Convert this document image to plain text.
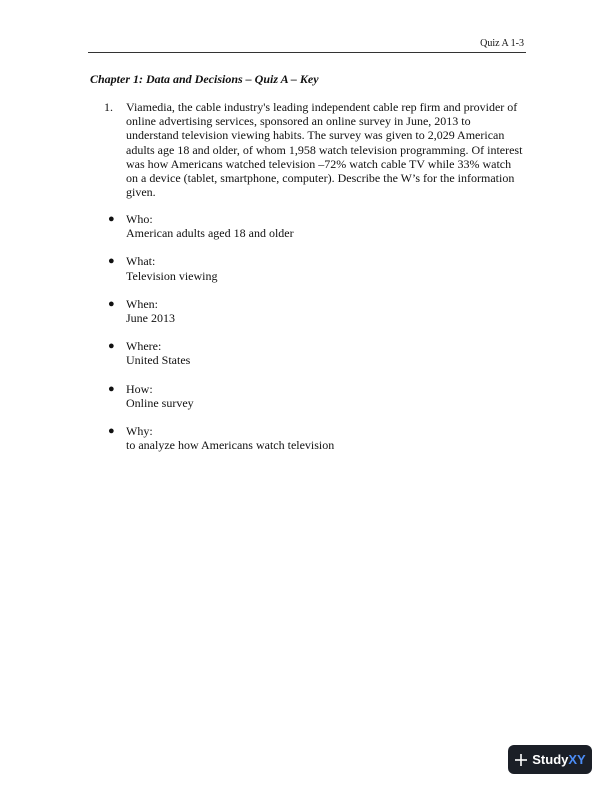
Quiz A 1-3
Chapter 1: Data and Decisions – Quiz A – Key
1. Viamedia, the cable industry's leading independent cable rep firm and provider of online advertising services, sponsored an online survey in June, 2013 to understand television viewing habits. The survey was given to 2,029 American adults age 18 and older, of whom 1,958 watch television programming. Of interest was how Americans watched television –72% watch cable TV while 33% watch on a device (tablet, smartphone, computer). Describe the W’s for the information given.

● Who:
American adults aged 18 and older
● What:
Television viewing
● When:
June 2013
● Where:
United States
● How:
Online survey
● Why:
to analyze how Americans watch television
StudyXY
